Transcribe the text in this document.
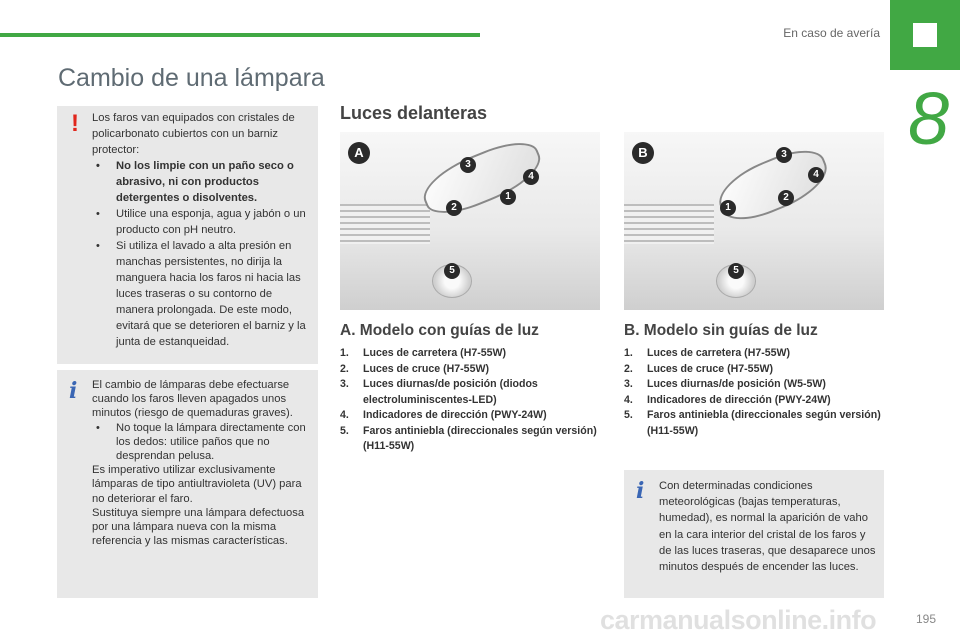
En caso de avería
8
Cambio de una lámpara
! Los faros van equipados con cristales de policarbonato cubiertos con un barniz protector:
• No los limpie con un paño seco o abrasivo, ni con productos detergentes o disolventes.
• Utilice una esponja, agua y jabón o un producto con pH neutro.
• Si utiliza el lavado a alta presión en manchas persistentes, no dirija la manguera hacia los faros ni hacia las luces traseras o su contorno de manera prolongada. De este modo, evitará que se deterioren el barniz y la junta de estanqueidad.
i El cambio de lámparas debe efectuarse cuando los faros lleven apagados unos minutos (riesgo de quemaduras graves).
• No toque la lámpara directamente con los dedos: utilice paños que no desprendan pelusa.
Es imperativo utilizar exclusivamente lámparas de tipo antiultravioleta (UV) para no deteriorar el faro.
Sustituya siempre una lámpara defectuosa por una lámpara nueva con la misma referencia y las mismas características.
Luces delanteras
A
1
2
3
4
5
B
1
2
3
4
5
A. Modelo con guías de luz	B. Modelo sin guías de luz
1. Luces de carretera (H7-55W)
2. Luces de cruce (H7-55W)
3. Luces diurnas/de posición (diodos electroluminiscentes-LED)
4. Indicadores de dirección (PWY-24W)
5. Faros antiniebla (direccionales según versión) (H11-55W)
1. Luces de carretera (H7-55W)
2. Luces de cruce (H7-55W)
3. Luces diurnas/de posición (W5-5W)
4. Indicadores de dirección (PWY-24W)
5. Faros antiniebla (direccionales según versión) (H11-55W)
i Con determinadas condiciones meteorológicas (bajas temperaturas, humedad), es normal la aparición de vaho en la cara interior del cristal de los faros y de las luces traseras, que desaparece unos minutos después de encender las luces.
carmanualsonline.info	195
